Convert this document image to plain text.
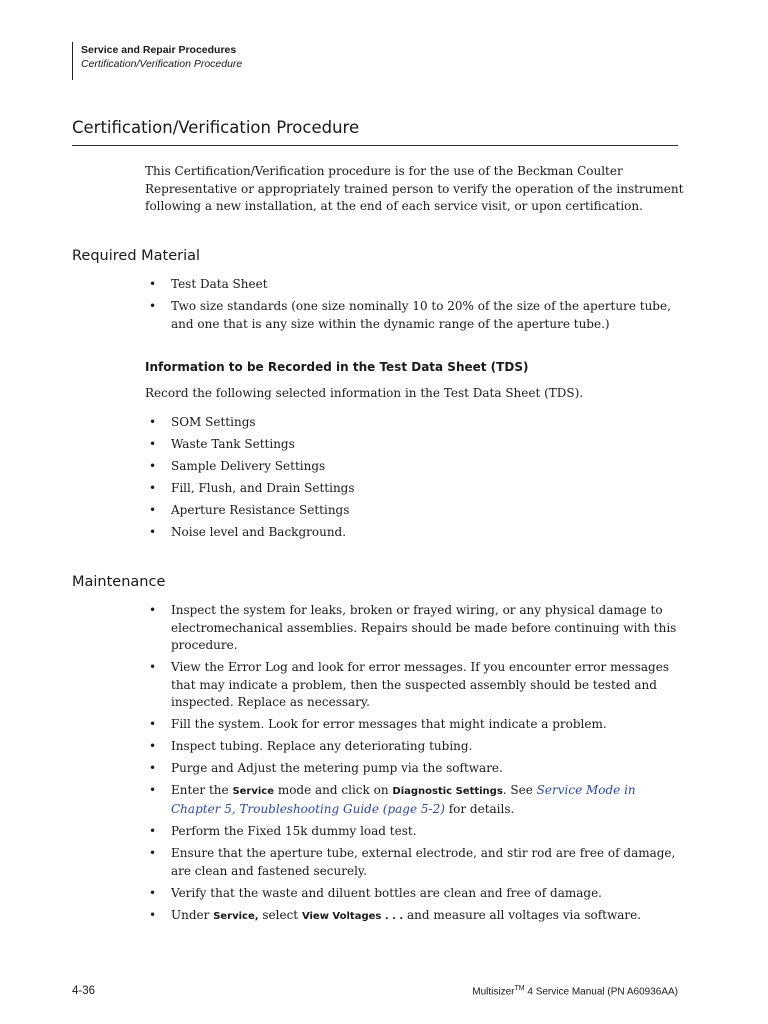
Service and Repair Procedures
Certification/Verification Procedure
Certification/Verification Procedure

This Certification/Verification procedure is for the use of the Beckman Coulter Representative or appropriately trained person to verify the operation of the instrument following a new installation, at the end of each service visit, or upon certification.

Required Material
• Test Data Sheet
• Two size standards (one size nominally 10 to 20% of the size of the aperture tube, and one that is any size within the dynamic range of the aperture tube.)
Information to be Recorded in the Test Data Sheet (TDS)

Record the following selected information in the Test Data Sheet (TDS).

• SOM Settings
• Waste Tank Settings
• Sample Delivery Settings
• Fill, Flush, and Drain Settings
• Aperture Resistance Settings
• Noise level and Background.
Maintenance
• Inspect the system for leaks, broken or frayed wiring, or any physical damage to electromechanical assemblies. Repairs should be made before continuing with this procedure.
• View the Error Log and look for error messages. If you encounter error messages that may indicate a problem, then the suspected assembly should be tested and inspected. Replace as necessary.
• Fill the system. Look for error messages that might indicate a problem.
• Inspect tubing. Replace any deteriorating tubing.
• Purge and Adjust the metering pump via the software.
• Enter the Service mode and click on Diagnostic Settings. See Service Mode in Chapter 5, Troubleshooting Guide (page 5-2) for details.
• Perform the Fixed 15k dummy load test.
• Ensure that the aperture tube, external electrode, and stir rod are free of damage, are clean and fastened securely.
• Verify that the waste and diluent bottles are clean and free of damage.
• Under Service, select View Voltages . . . and measure all voltages via software.
4-36	Multisizer™ 4 Service Manual (PN A60936AA)
